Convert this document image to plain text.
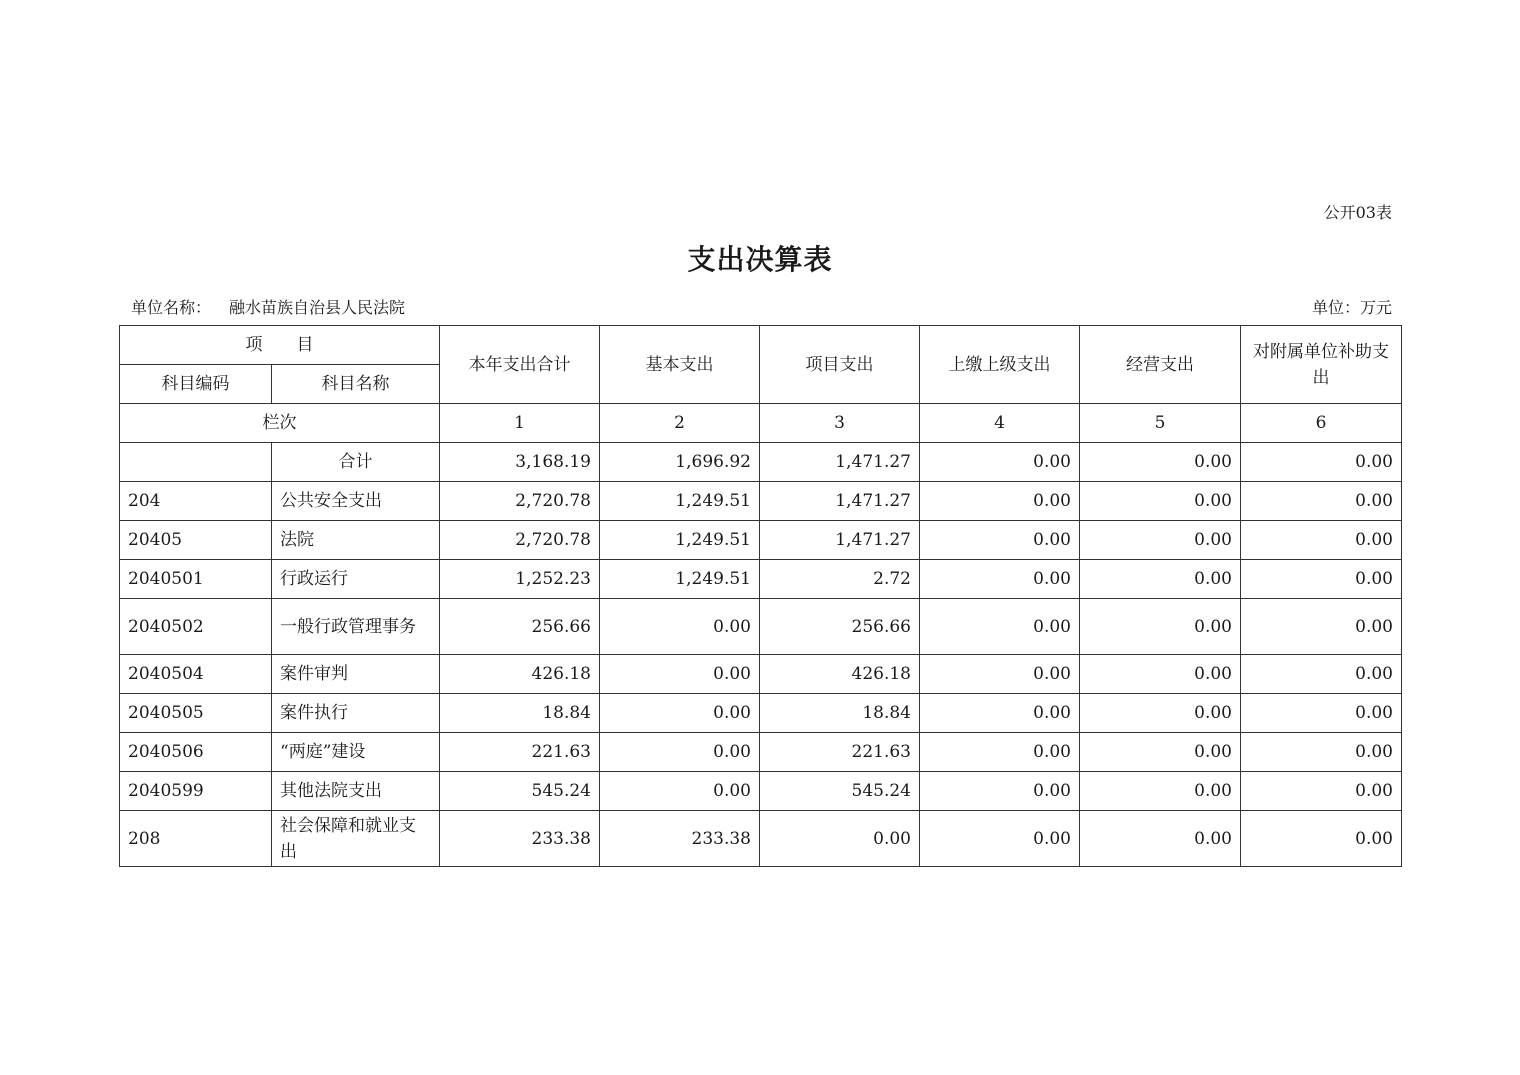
公开03表
支出决算表
单位名称： 融水苗族自治县人民法院	单位：万元
项　　目		本年支出合计	基本支出	项目支出	上缴上级支出	经营支出	对附属单位补助支出
科目编码	科目名称						
栏次		1	2	3	4	5	6
	合计	3,168.19	1,696.92	1,471.27	0.00	0.00	0.00
204	公共安全支出	2,720.78	1,249.51	1,471.27	0.00	0.00	0.00
20405	法院	2,720.78	1,249.51	1,471.27	0.00	0.00	0.00
2040501	行政运行	1,252.23	1,249.51	2.72	0.00	0.00	0.00
2040502	一般行政管理事务	256.66	0.00	256.66	0.00	0.00	0.00
2040504	案件审判	426.18	0.00	426.18	0.00	0.00	0.00
2040505	案件执行	18.84	0.00	18.84	0.00	0.00	0.00
2040506	“两庭”建设	221.63	0.00	221.63	0.00	0.00	0.00
2040599	其他法院支出	545.24	0.00	545.24	0.00	0.00	0.00
208	社会保障和就业支出	233.38	233.38	0.00	0.00	0.00	0.00
